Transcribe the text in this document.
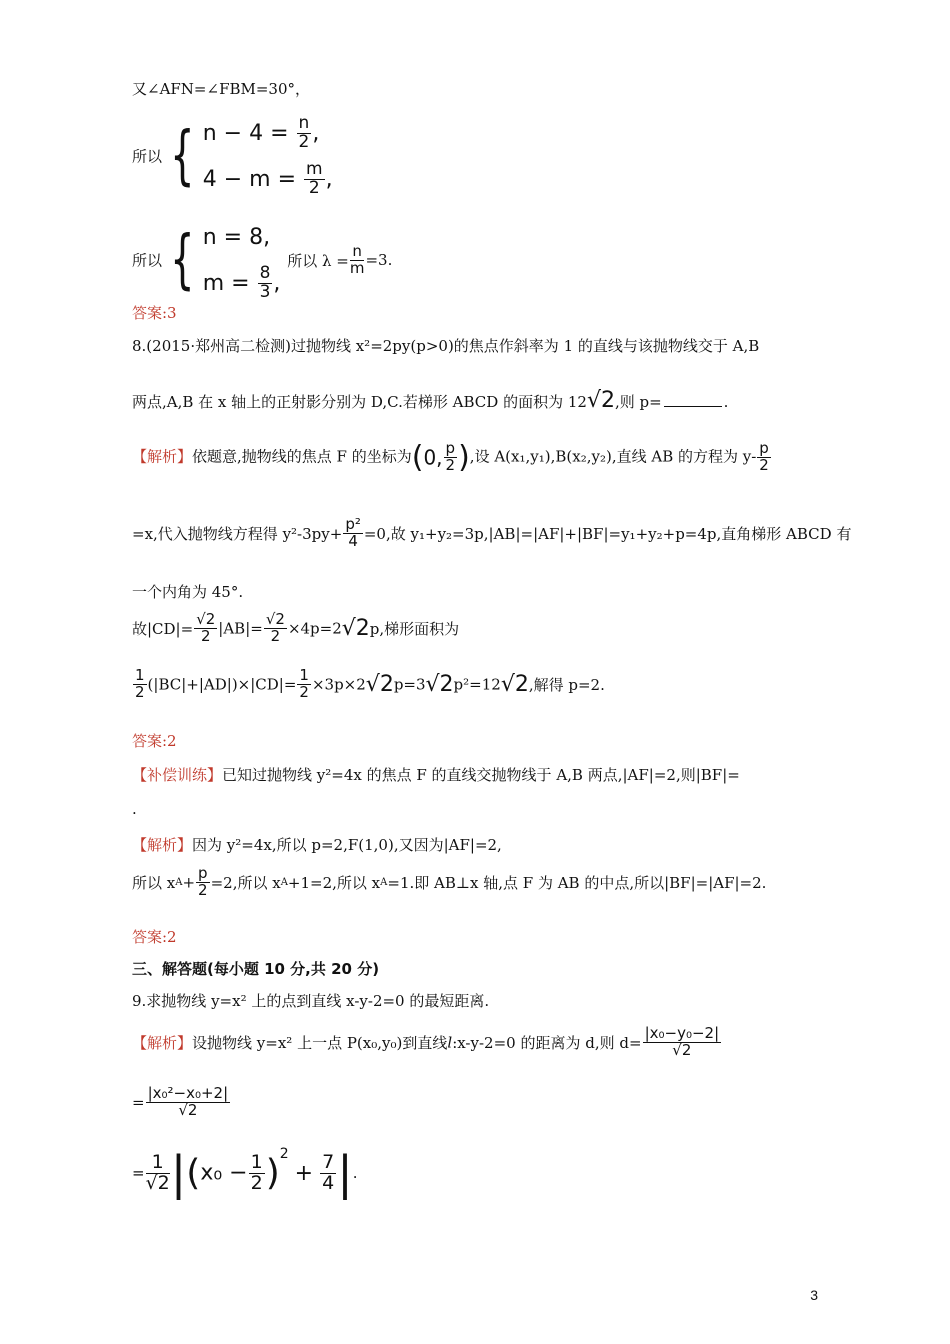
又∠AFN=∠FBM=30°，
所以 { n − 4 =
$\frac{n}{2}$ ,
4 − m =
$\frac{m}{2}$ ,
所以 { n = 8,
m =
$\frac{8}{3}$ ,
所以 $\lambda = \frac{n}{m} =3$.
答案:3
8.(2015·郑州高二检测)过抛物线 x²=2py(p>0)的焦点作斜率为 1 的直线与该抛物线交于 A,B
两点,A,B 在 x 轴上的正射影分别为 D,C.若梯形 ABCD 的面积为 12√2,则 p=	.
【解析】依题意,抛物线的焦点 F 的坐标为(0, $\frac{p}{2}$ ),设 A(x₁,y₁),B(x₂,y₂),直线 AB 的方程为 $y- \frac{p}{2}$
=x,代入抛物线方程得 $y^2-3py+ \frac{\text{p²}}{4} =0$,故 y₁+y₂=3p,|AB|=|AF|+|BF|=y₁+y₂+p=4p,直角梯形 ABCD 有
一个内角为 45°.
故$|CD|= \frac{√2}{2} |AB|= \frac{√2}{2} \times 4p=2√2p$,梯形面积为
$\frac{1}{2} (|BC|+|AD|)\times|CD|= \frac{1}{2} \times 3p\times 2√2p=3√2p^2=12√2$,解得 p=2.
答案:2
【补偿训练】已知过抛物线 y²=4x 的焦点 F 的直线交抛物线于 A,B 两点,|AF|=2,则|BF|=
.
【解析】因为 y²=4x,所以 p=2,F(1,0),又因为|AF|=2,
所以 $xA+ \frac{p}{2} =2$,所以 xA+1=2,所以 xA=1.即 AB⊥x 轴,点 F 为 AB 的中点,所以|BF|=|AF|=2.
答案:2
三、解答题(每小题 10 分,共 20 分)
9.求抛物线 y=x² 上的点到直线 x-y-2=0 的最短距离.
【解析】设抛物线 y=x² 上一点 P(x₀,y₀)到直线l:x-y-2=0 的距离为 d,则 $d= \frac{\text{|x₀−y₀−2|}}{√2}$
= $\frac{\text{|x₀²−x₀+2|}}{√2}$
= $\frac{1}{√2} |(x_0 - \frac{1}{2} )^2+ \frac{7}{4}$ |.
3
